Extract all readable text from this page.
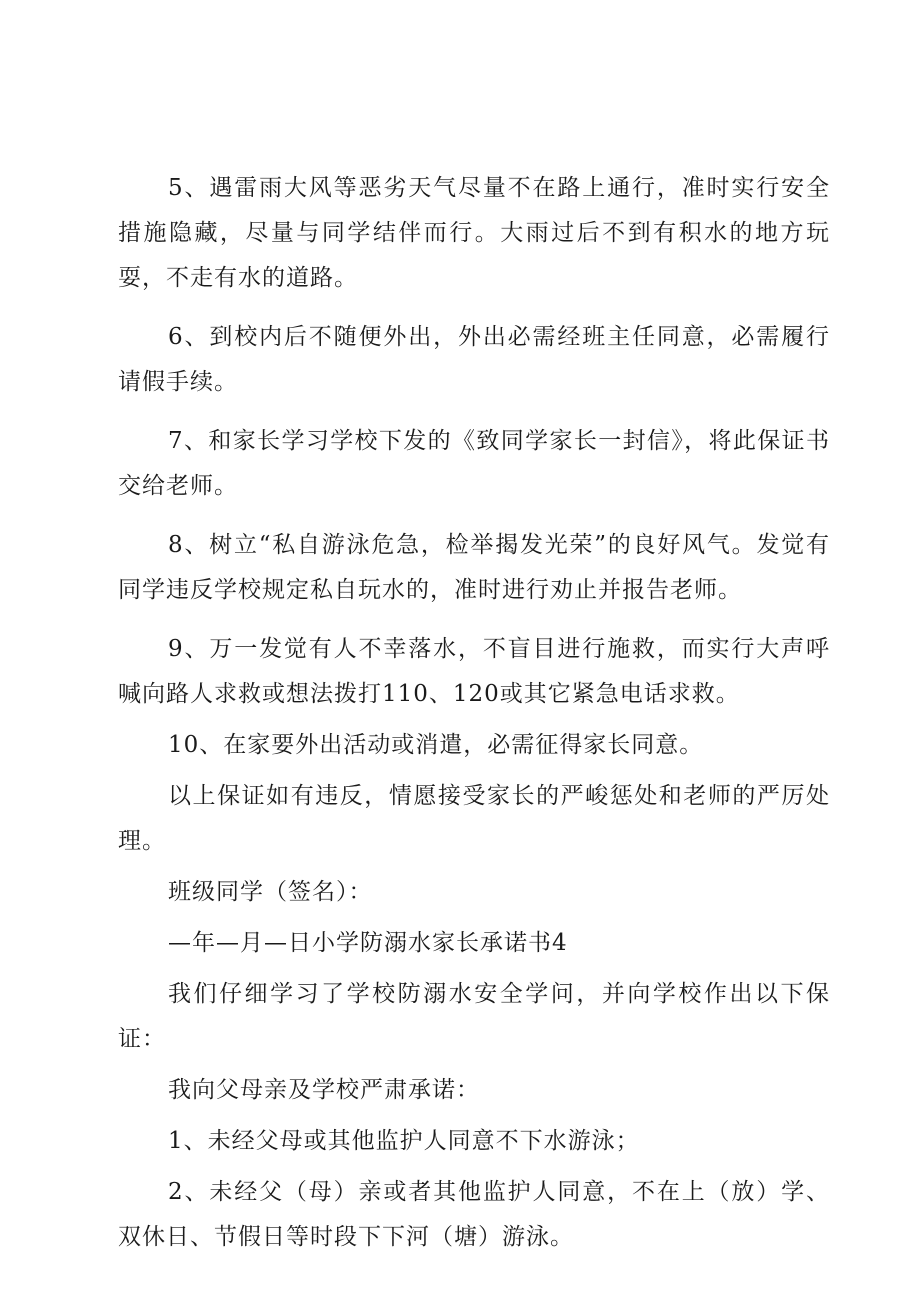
5、遇雷雨大风等恶劣天气尽量不在路上通行，准时实行安全措施隐藏，尽量与同学结伴而行。大雨过后不到有积水的地方玩耍，不走有水的道路。

6、到校内后不随便外出，外出必需经班主任同意，必需履行请假手续。

7、和家长学习学校下发的《致同学家长一封信》，将此保证书交给老师。

8、树立“私自游泳危急，检举揭发光荣”的良好风气。发觉有同学违反学校规定私自玩水的，准时进行劝止并报告老师。

9、万一发觉有人不幸落水，不盲目进行施救，而实行大声呼喊向路人求救或想法拨打110、120或其它紧急电话求救。

10、在家要外出活动或消遣，必需征得家长同意。

以上保证如有违反，情愿接受家长的严峻惩处和老师的严厉处理。

班级同学（签名）：

—年—月—日小学防溺水家长承诺书4

我们仔细学习了学校防溺水安全学问，并向学校作出以下保证：

我向父母亲及学校严肃承诺：

1、未经父母或其他监护人同意不下水游泳；

2、未经父（母）亲或者其他监护人同意，不在上（放）学、双休日、节假日等时段下下河（塘）游泳。
